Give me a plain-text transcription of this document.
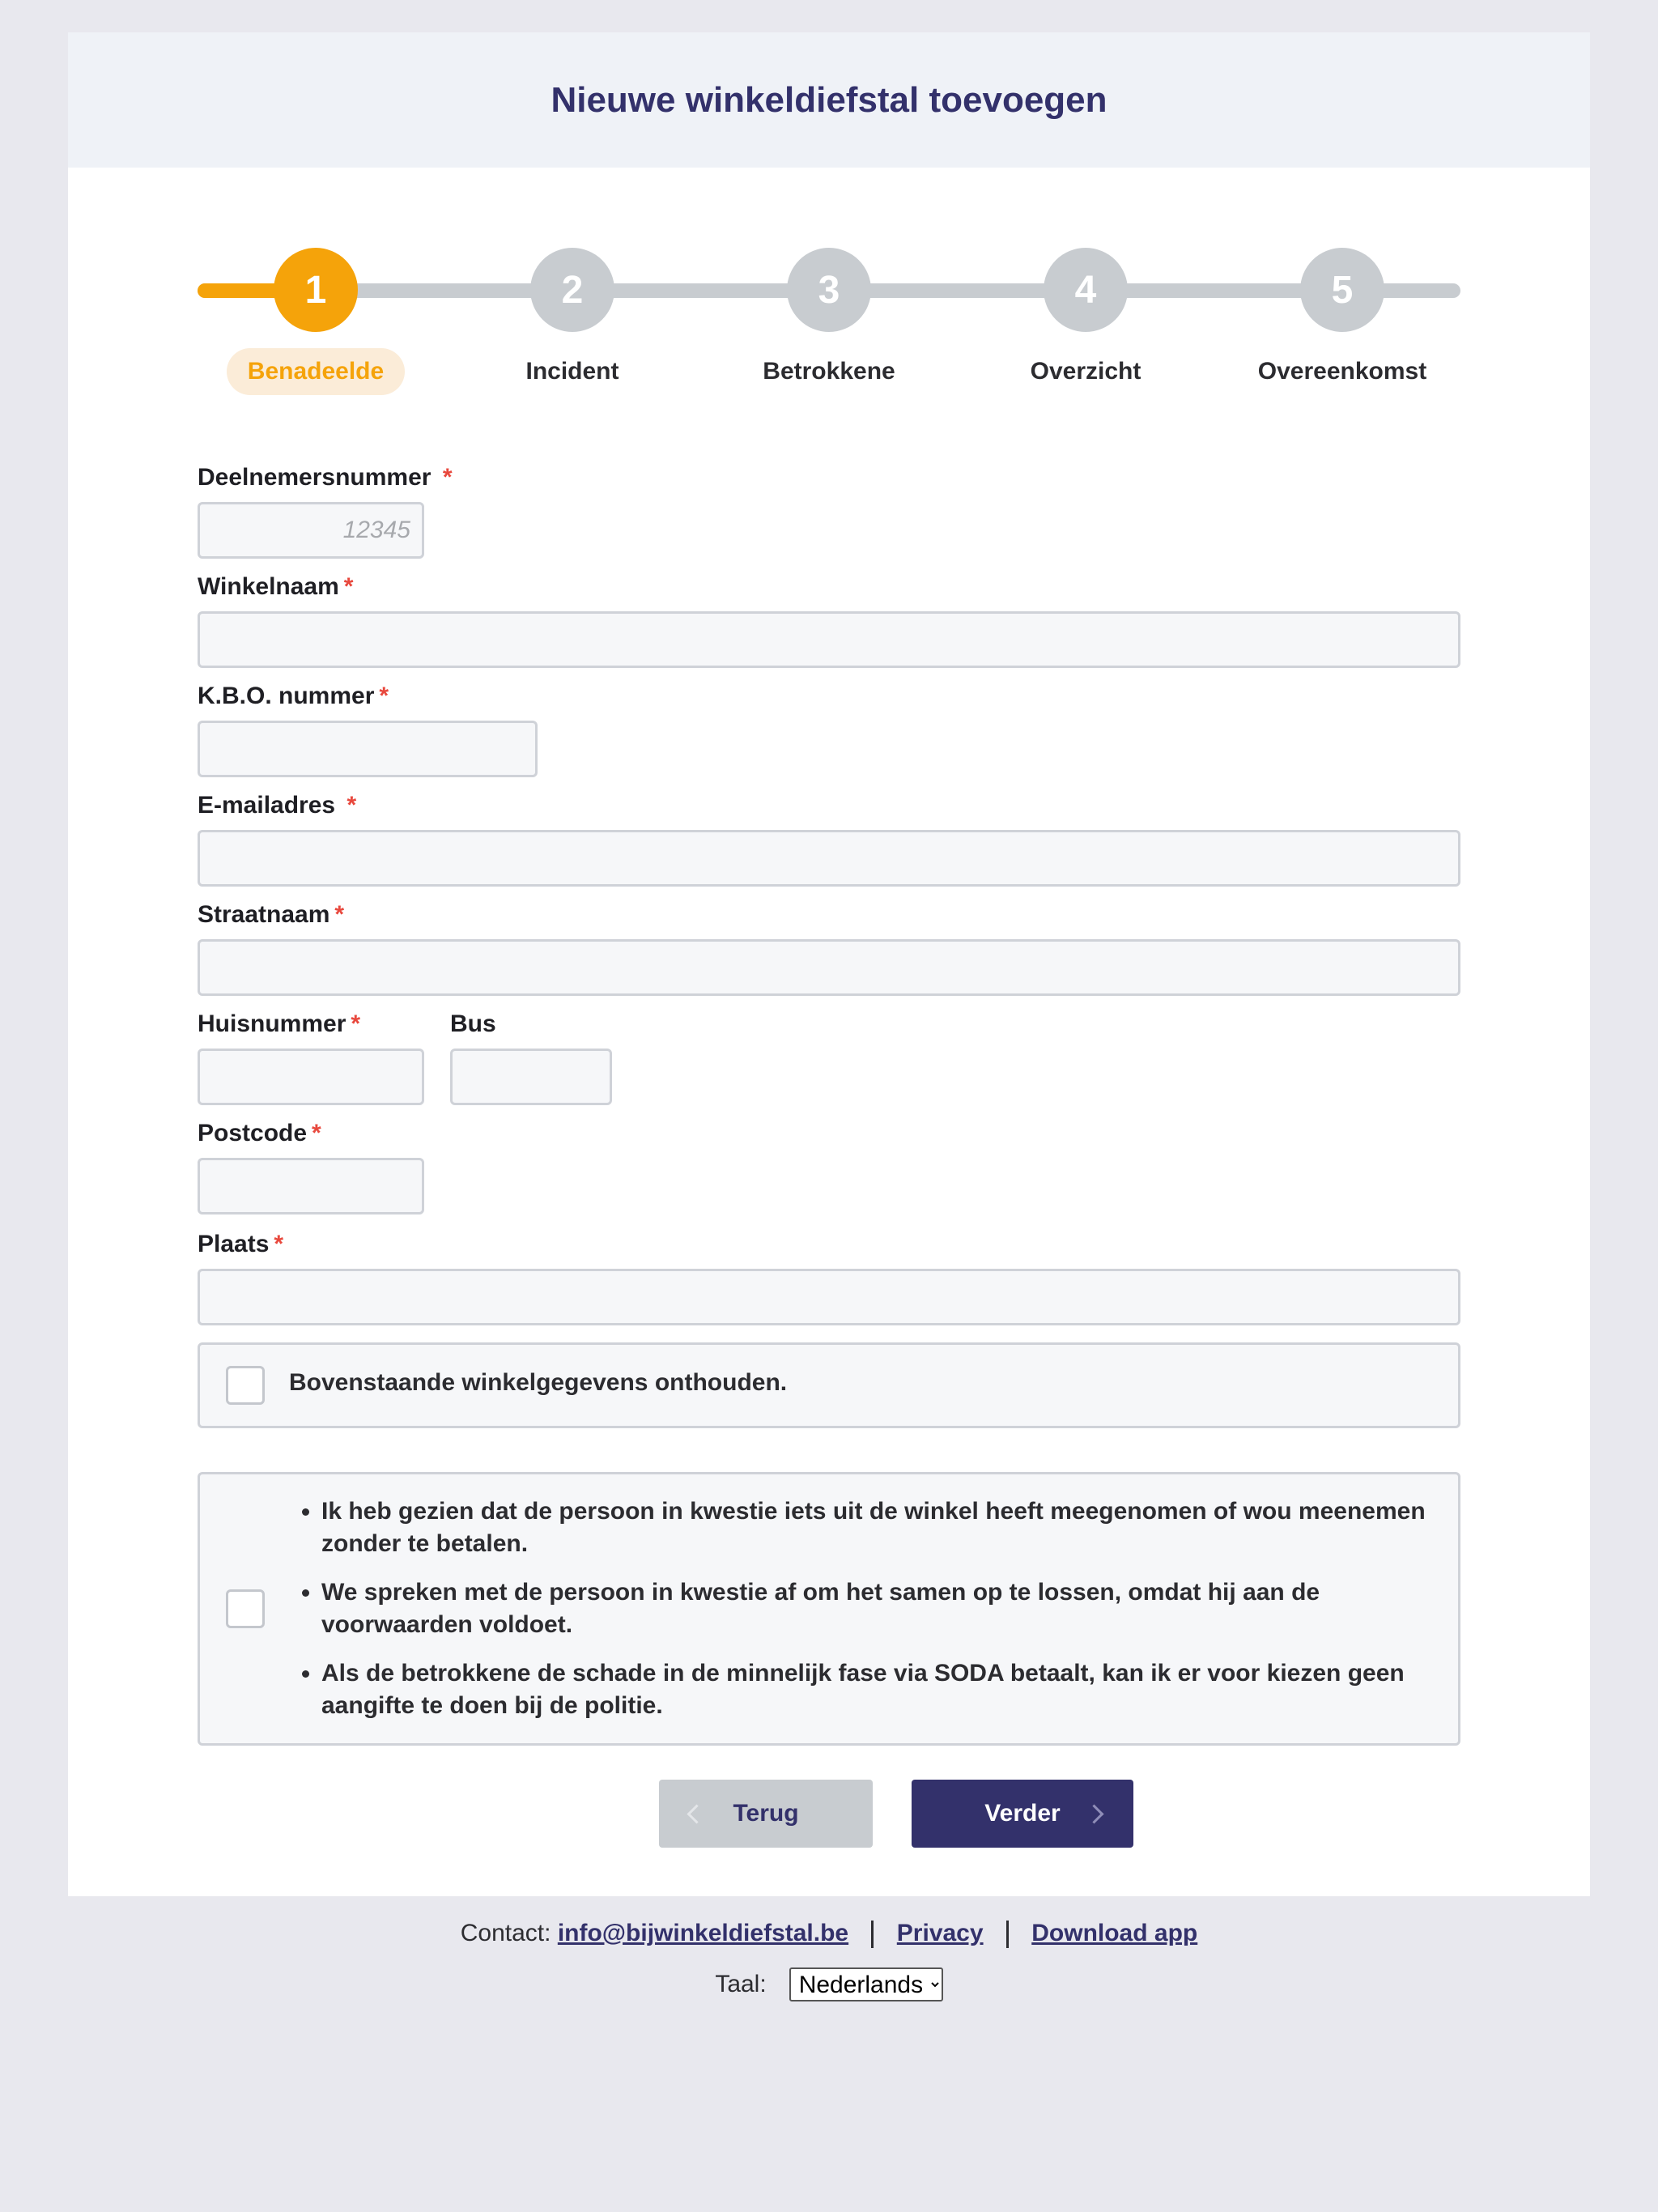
Nieuwe winkeldiefstal toevoegen
1
Benadeelde
2
Incident
3
Betrokkene
4
Overzicht
5
Overeenkomst
Deelnemersnummer *
12345
Winkelnaam *
K.B.O. nummer *
E-mailadres *
Straatnaam *
Huisnummer *	Bus
Postcode *
Plaats *
Bovenstaande winkelgegevens onthouden.
• Ik heb gezien dat de persoon in kwestie iets uit de winkel heeft meegenomen of wou meenemen zonder te betalen.
• We spreken met de persoon in kwestie af om het samen op te lossen, omdat hij aan de voorwaarden voldoet.
• Als de betrokkene de schade in de minnelijk fase via SODA betaalt, kan ik er voor kiezen geen aangifte te doen bij de politie.
Terug	Verder
Contact: info@bijwinkeldiefstal.be Privacy Download app
Taal:
Nederlands
